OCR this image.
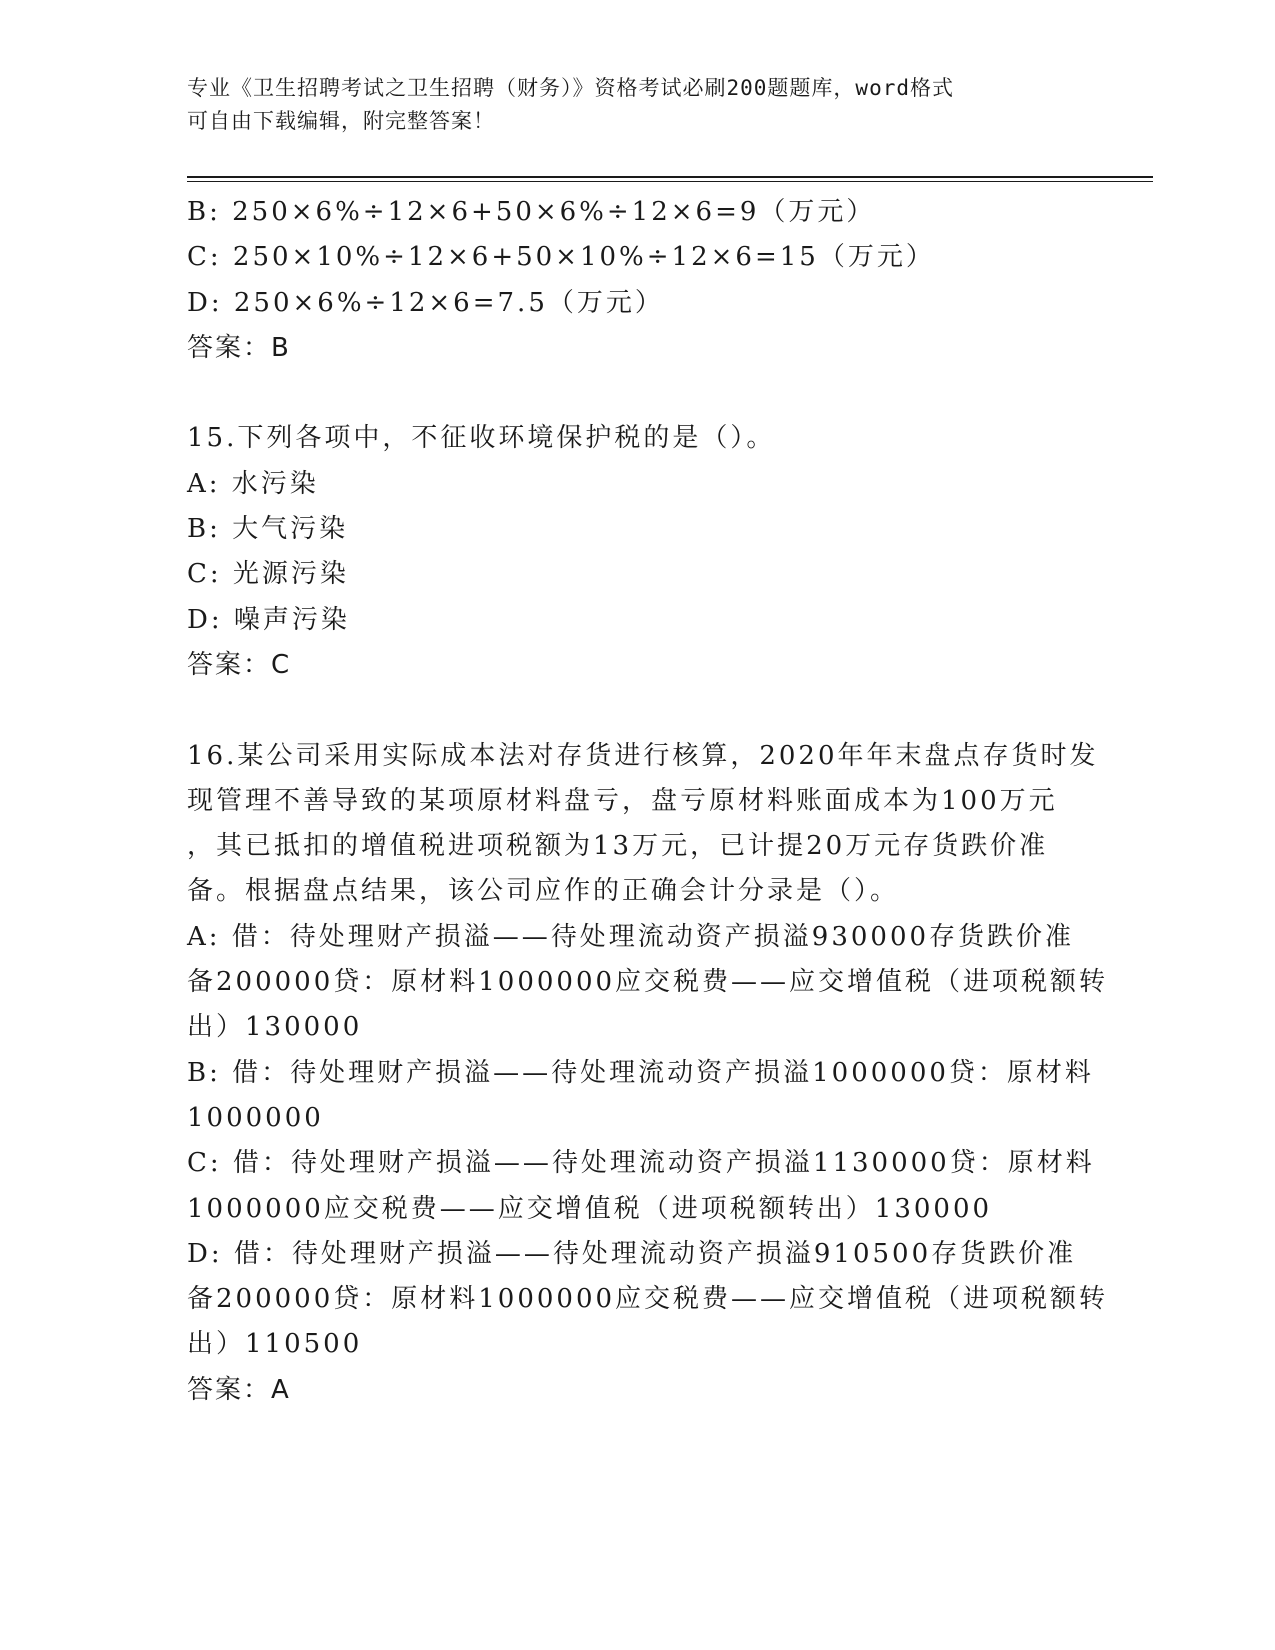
专业《卫生招聘考试之卫生招聘（财务）》资格考试必刷200题题库，word格式
可自由下载编辑，附完整答案！
B: 250×6%÷12×6+50×6%÷12×6=9（万元）
C: 250×10%÷12×6+50×10%÷12×6=15（万元）
D: 250×6%÷12×6=7.5（万元）
答案：B
15.下列各项中，不征收环境保护税的是（）。
A: 水污染
B: 大气污染
C: 光源污染
D: 噪声污染
答案：C
16.某公司采用实际成本法对存货进行核算，2020年年末盘点存货时发
现管理不善导致的某项原材料盘亏，盘亏原材料账面成本为100万元
，其已抵扣的增值税进项税额为13万元，已计提20万元存货跌价准
备。根据盘点结果，该公司应作的正确会计分录是（）。
A: 借：待处理财产损溢——待处理流动资产损溢930000存货跌价准
备200000贷：原材料1000000应交税费——应交增值税（进项税额转
出）130000
B: 借：待处理财产损溢——待处理流动资产损溢1000000贷：原材料
1000000
C: 借：待处理财产损溢——待处理流动资产损溢1130000贷：原材料
1000000应交税费——应交增值税（进项税额转出）130000
D: 借：待处理财产损溢——待处理流动资产损溢910500存货跌价准
备200000贷：原材料1000000应交税费——应交增值税（进项税额转
出）110500
答案：A
